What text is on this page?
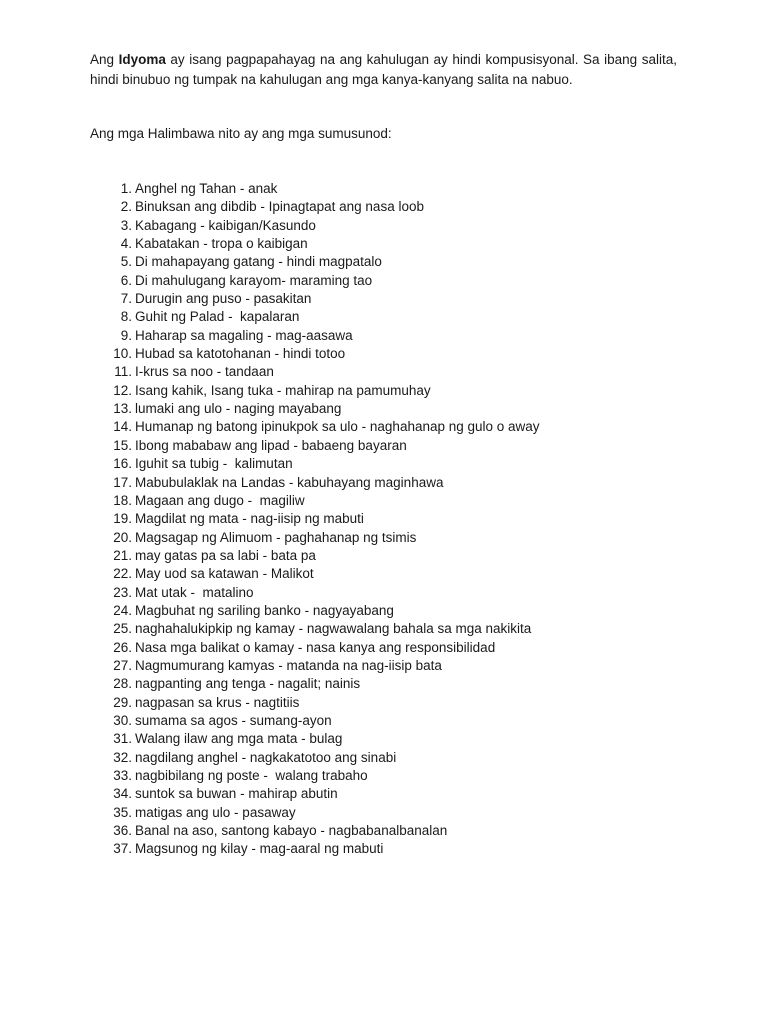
Ang Idyoma ay isang pagpapahayag na ang kahulugan ay hindi kompusisyonal. Sa ibang salita, hindi binubuo ng tumpak na kahulugan ang mga kanya-kanyang salita na nabuo.

Ang mga Halimbawa nito ay ang mga sumusunod:

1. Anghel ng Tahan - anak
2. Binuksan ang dibdib - Ipinagtapat ang nasa loob
3. Kabagang - kaibigan/Kasundo
4. Kabatakan - tropa o kaibigan
5. Di mahapayang gatang - hindi magpatalo
6. Di mahulugang karayom- maraming tao
7. Durugin ang puso - pasakitan
8. Guhit ng Palad -  kapalaran
9. Haharap sa magaling - mag-aasawa
10. Hubad sa katotohanan - hindi totoo
11. I-krus sa noo - tandaan
12. Isang kahik, Isang tuka - mahirap na pamumuhay
13. lumaki ang ulo - naging mayabang
14. Humanap ng batong ipinukpok sa ulo - naghahanap ng gulo o away
15. Ibong mababaw ang lipad - babaeng bayaran
16. Iguhit sa tubig -  kalimutan
17. Mabubulaklak na Landas - kabuhayang maginhawa
18. Magaan ang dugo -  magiliw
19. Magdilat ng mata - nag-iisip ng mabuti
20. Magsagap ng Alimuom - paghahanap ng tsimis
21. may gatas pa sa labi - bata pa
22. May uod sa katawan - Malikot
23. Mat utak -  matalino
24. Magbuhat ng sariling banko - nagyayabang
25. naghahalukipkip ng kamay - nagwawalang bahala sa mga nakikita
26. Nasa mga balikat o kamay - nasa kanya ang responsibilidad
27. Nagmumurang kamyas - matanda na nag-iisip bata
28. nagpanting ang tenga - nagalit; nainis
29. nagpasan sa krus - nagtitiis
30. sumama sa agos - sumang-ayon
31. Walang ilaw ang mga mata - bulag
32. nagdilang anghel - nagkakatotoo ang sinabi
33. nagbibilang ng poste -  walang trabaho
34. suntok sa buwan - mahirap abutin
35. matigas ang ulo - pasaway
36. Banal na aso, santong kabayo - nagbabanalbanalan
37. Magsunog ng kilay - mag-aaral ng mabuti
